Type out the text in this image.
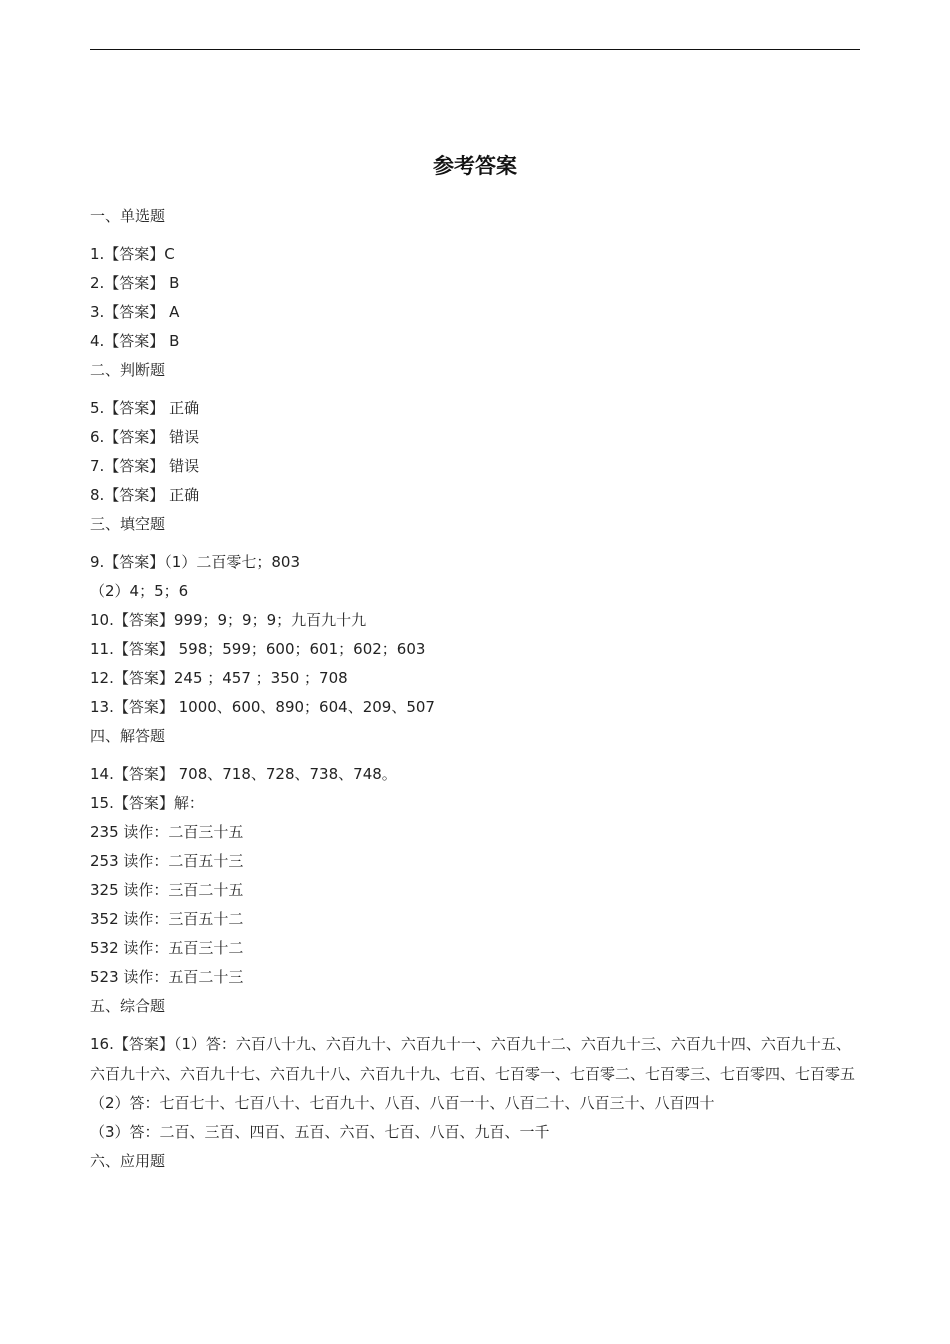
参考答案
一、单选题
1.【答案】C
2.【答案】 B
3.【答案】 A
4.【答案】 B
二、判断题
5.【答案】 正确
6.【答案】 错误
7.【答案】 错误
8.【答案】 正确
三、填空题
9.【答案】（1）二百零七；803
（2）4；5；6
10.【答案】999；9；9；9；九百九十九
11.【答案】 598；599；600；601；602；603
12.【答案】245 ；457 ；350 ；708
13.【答案】 1000、600、890；604、209、507
四、解答题
14.【答案】 708、718、728、738、748。
15.【答案】解：
235 读作：二百三十五
253 读作：二百五十三
325 读作：三百二十五
352 读作：三百五十二
532 读作：五百三十二
523 读作：五百二十三
五、综合题
16.【答案】（1）答：六百八十九、六百九十、六百九十一、六百九十二、六百九十三、六百九十四、六百九十五、六百九十六、六百九十七、六百九十八、六百九十九、七百、七百零一、七百零二、七百零三、七百零四、七百零五
（2）答：七百七十、七百八十、七百九十、八百、八百一十、八百二十、八百三十、八百四十
（3）答：二百、三百、四百、五百、六百、七百、八百、九百、一千
六、应用题
